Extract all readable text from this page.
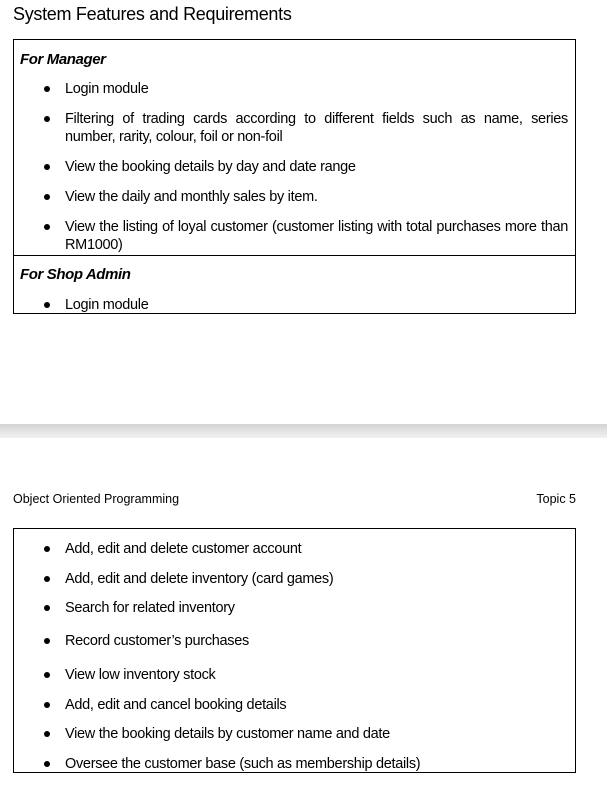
System Features and Requirements
For Manager
Login module
Filtering of trading cards according to different fields such as name, series number, rarity, colour, foil or non-foil
View the booking details by day and date range
View the daily and monthly sales by item.
View the listing of loyal customer (customer listing with total purchases more than RM1000)
For Shop Admin
Login module
Object Oriented Programming	Topic 5
Add, edit and delete customer account
Add, edit and delete inventory (card games)
Search for related inventory
Record customer’s purchases
View low inventory stock
Add, edit and cancel booking details
View the booking details by customer name and date
Oversee the customer base (such as membership details)
